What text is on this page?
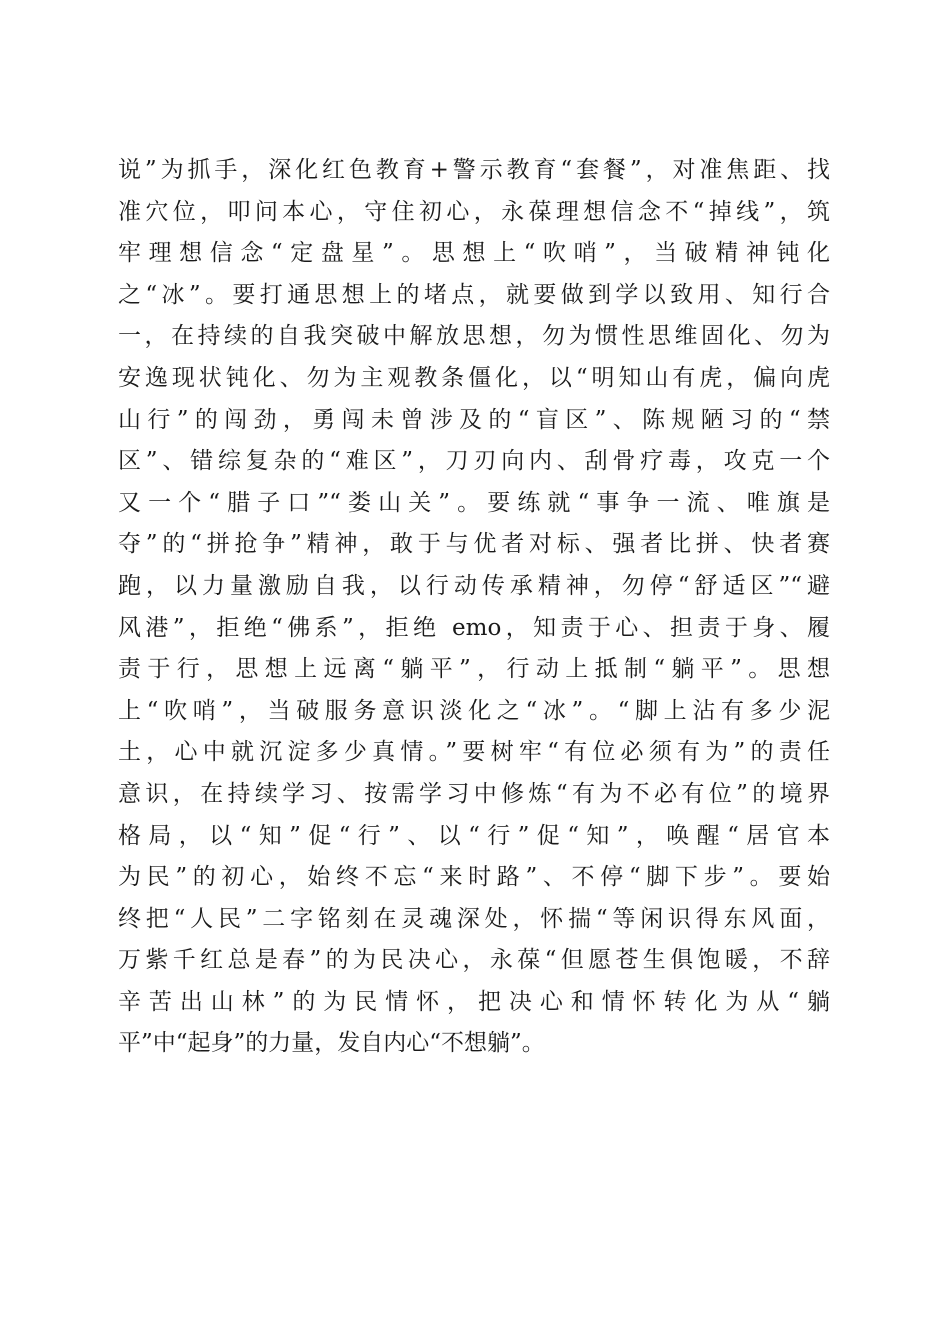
说”为抓手，深化红色教育+警示教育“套餐”，对准焦距、找
准穴位，叩问本心，守住初心，永葆理想信念不“掉线”，筑
牢理想信念“定盘星”。思想上“吹哨”，当破精神钝化
之“冰”。要打通思想上的堵点，就要做到学以致用、知行合
一，在持续的自我突破中解放思想，勿为惯性思维固化、勿为
安逸现状钝化、勿为主观教条僵化，以“明知山有虎，偏向虎
山行”的闯劲，勇闯未曾涉及的“盲区”、陈规陋习的“禁
区”、错综复杂的“难区”，刀刃向内、刮骨疗毒，攻克一个
又一个“腊子口”“娄山关”。要练就“事争一流、唯旗是
夺”的“拼抢争”精神，敢于与优者对标、强者比拼、快者赛
跑，以力量激励自我，以行动传承精神，勿停“舒适区”“避
风港”，拒绝“佛系”，拒绝 emo，知责于心、担责于身、履
责于行，思想上远离“躺平”，行动上抵制“躺平”。思想
上“吹哨”，当破服务意识淡化之“冰”。“脚上沾有多少泥
土，心中就沉淀多少真情。”要树牢“有位必须有为”的责任
意识，在持续学习、按需学习中修炼“有为不必有位”的境界
格局，以“知”促“行”、以“行”促“知”，唤醒“居官本
为民”的初心，始终不忘“来时路”、不停“脚下步”。要始
终把“人民”二字铭刻在灵魂深处，怀揣“等闲识得东风面，
万紫千红总是春”的为民决心，永葆“但愿苍生俱饱暖，不辞
辛苦出山林”的为民情怀，把决心和情怀转化为从“躺
平”中“起身”的力量，发自内心“不想躺”。
